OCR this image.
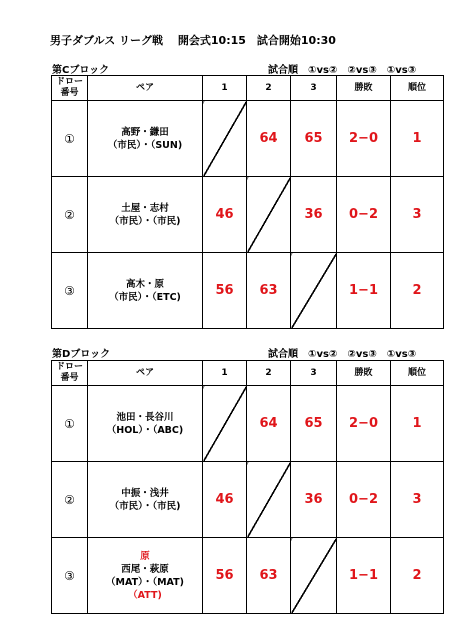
男子ダブルス リーグ戦　 開会式10:15　試合開始10:30
第Cブロック	試合順　①vs②　②vs③　①vs③
ドロー
番号	ペア	1	2	3	勝敗	順位
①	高野・鎌田
（市民）・（SUN)		64	65	2−0	1
②	土屋・志村
（市民）・（市民)	46		36	0−2	3
③	高木・原
（市民）・（ETC)	56	63		1−1	2
第Dブロック	試合順　①vs②　②vs③　①vs③
ドロー
番号	ペア	1	2	3	勝敗	順位
①	池田・長谷川
（HOL）・（ABC)		64	65	2−0	1
②	中振・浅井
（市民）・（市民)	46		36	0−2	3
③	原
西尾・萩原
（MAT）・（MAT)
（ATT)	56	63		1−1	2
